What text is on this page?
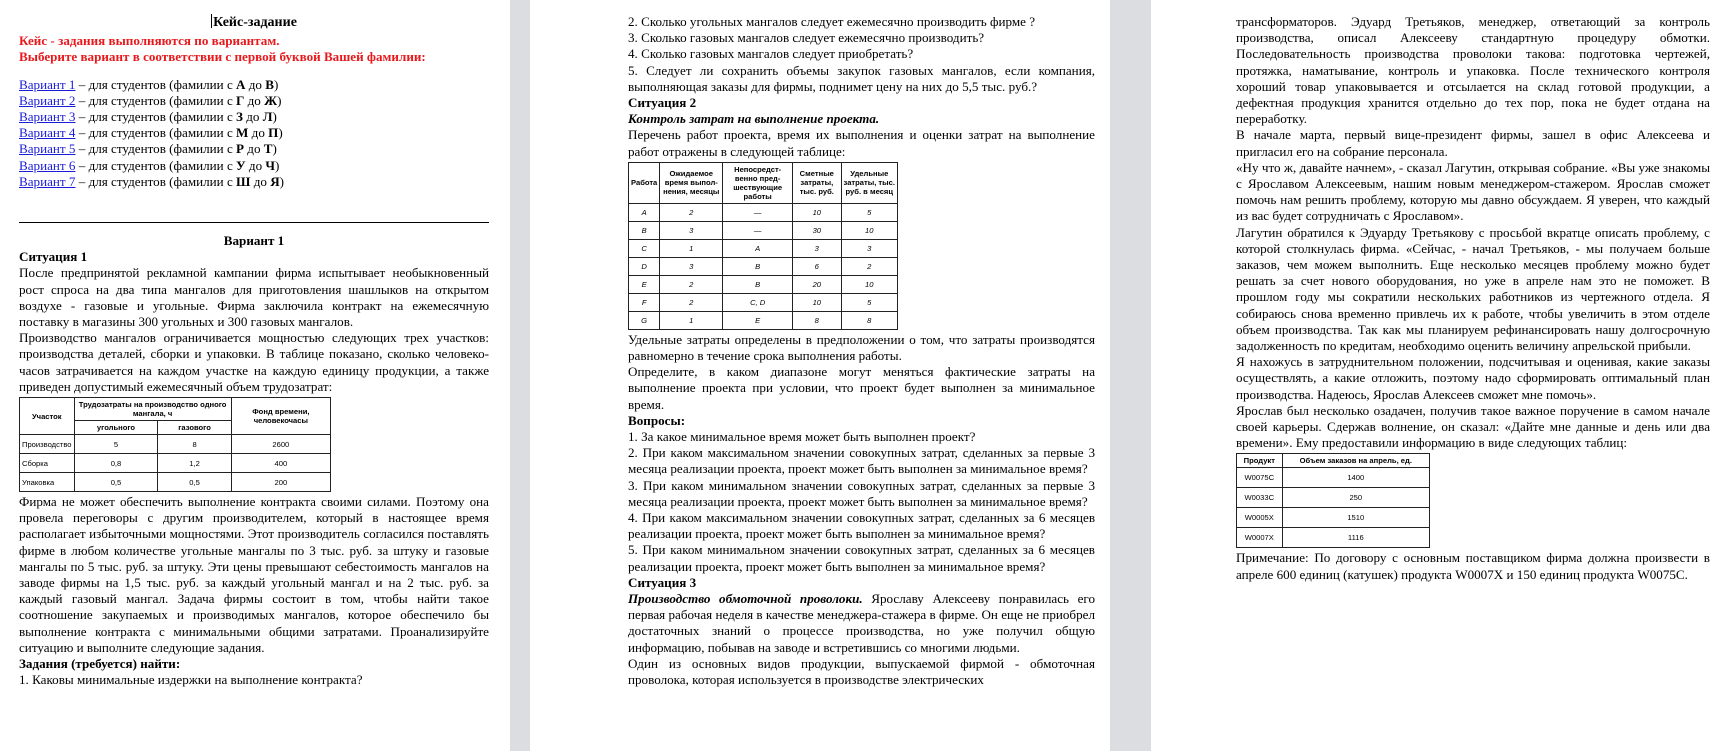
Кейс-задание

Кейс - задания выполняются по вариантам.

Выберите вариант в соответствии с первой буквой Вашей фамилии:

Вариант 1 – для студентов (фамилии с А до В)

Вариант 2 – для студентов (фамилии с Г до Ж)

Вариант 3 – для студентов (фамилии с З до Л)

Вариант 4 – для студентов (фамилии с М до П)

Вариант 5 – для студентов (фамилии с Р до Т)

Вариант 6 – для студентов (фамилии с У до Ч)

Вариант 7 – для студентов (фамилии с Ш до Я)

Вариант 1

Ситуация 1

После предпринятой рекламной кампании фирма испытывает необыкновенный рост спроса на два типа мангалов для приготовления шашлыков на открытом воздухе - газовые и угольные. Фирма заключила контракт на ежемесячную поставку в магазины 300 угольных и 300 газовых мангалов.

Производство мангалов ограничивается мощностью следующих трех участков: производства деталей, сборки и упаковки. В таблице показано, сколько человеко-часов затрачивается на каждом участке на каждую единицу продукции, а также приведен допустимый ежемесячный объем трудозатрат:

Участок	Трудозатраты на производство одного мангала, ч		Фонд времени, человекочасы
	угольного	газового	
Производство	5	8	2600
Сборка	0,8	1,2	400
Упаковка	0,5	0,5	200

Фирма не может обеспечить выполнение контракта своими силами. Поэтому она провела переговоры с другим производителем, который в настоящее время располагает избыточными мощностями. Этот производитель согласился поставлять фирме в любом количестве угольные мангалы по 3 тыс. руб. за штуку и газовые мангалы по 5 тыс. руб. за штуку. Эти цены превышают себестоимость мангалов на заводе фирмы на 1,5 тыс. руб. за каждый угольный мангал и на 2 тыс. руб. за каждый газовый мангал. Задача фирмы состоит в том, чтобы найти такое соотношение закупаемых и производимых мангалов, которое обеспечило бы выполнение контракта с минимальными общими затратами. Проанализируйте ситуацию и выполните следующие задания.

Задания (требуется) найти:

1. Каковы минимальные издержки на выполнение контракта?

2. Сколько угольных мангалов следует ежемесячно производить фирме ?

3. Сколько газовых мангалов следует ежемесячно производить?

4. Сколько газовых мангалов следует приобретать?

5. Следует ли сохранить объемы закупок газовых мангалов, если компания, выполняющая заказы для фирмы, поднимет цену на них до 5,5 тыс. руб.?

Ситуация 2

Контроль затрат на выполнение проекта.

Перечень работ проекта, время их выполнения и оценки затрат на выполнение работ отражены в следующей таблице:

Работа	Ожидаемое время выпол-нения, месяцы	Непосредст-венно пред-шествующие работы	Сметные затраты, тыс. руб.	Удельные затраты, тыс. руб. в месяц
A	2	—	10	5
B	3	—	30	10
C	1	A	3	3
D	3	B	6	2
E	2	B	20	10
F	2	C, D	10	5
G	1	E	8	8

Удельные затраты определены в предположении о том, что затраты производятся равномерно в течение срока выполнения работы.

Определите, в каком диапазоне могут меняться фактические затраты на выполнение проекта при условии, что проект будет выполнен за минимальное время.

Вопросы:

1. За какое минимальное время может быть выполнен проект?

2. При каком максимальном значении совокупных затрат, сделанных за первые 3 месяца реализации проекта, проект может быть выполнен за минимальное время?

3. При каком минимальном значении совокупных затрат, сделанных за первые 3 месяца реализации проекта, проект может быть выполнен за минимальное время?

4. При каком максимальном значении совокупных затрат, сделанных за 6 месяцев реализации проекта, проект может быть выполнен за минимальное время?

5. При каком минимальном значении совокупных затрат, сделанных за 6 месяцев реализации проекта, проект может быть выполнен за минимальное время?

Ситуация 3

Производство обмоточной проволоки. Ярославу Алексееву понравилась его первая рабочая неделя в качестве менеджера-стажера в фирме. Он еще не приобрел достаточных знаний о процессе производства, но уже получил общую информацию, побывав на заводе и встретившись со многими людьми.

Один из основных видов продукции, выпускаемой фирмой - обмоточная проволока, которая используется в производстве электрических

трансформаторов. Эдуард Третьяков, менеджер, ответающий за контроль производства, описал Алексееву стандартную процедуру обмотки. Последовательность производства проволоки такова: подготовка чертежей, протяжка, наматывание, контроль и упаковка. После технического контроля хороший товар упаковывается и отсылается на склад готовой продукции, а дефектная продукция хранится отдельно до тех пор, пока не будет отдана на переработку.

В начале марта, первый вице-президент фирмы, зашел в офис Алексеева и пригласил его на собрание персонала.

«Ну что ж, давайте начнем», - сказал Лагутин, открывая собрание. «Вы уже знакомы с Ярославом Алексеевым, нашим новым менеджером-стажером. Ярослав сможет помочь нам решить проблему, которую мы давно обсуждаем. Я уверен, что каждый из вас будет сотрудничать с Ярославом».

Лагутин обратился к Эдуарду Третьякову с просьбой вкратце описать проблему, с которой столкнулась фирма. «Сейчас, - начал Третьяков, - мы получаем больше заказов, чем можем выполнить. Еще несколько месяцев проблему можно будет решать за счет нового оборудования, но уже в апреле нам это не поможет. В прошлом году мы сократили нескольких работников из чертежного отдела. Я собираюсь снова временно привлечь их к работе, чтобы увеличить в этом отделе объем производства. Так как мы планируем рефинансировать нашу долгосрочную задолженность по кредитам, необходимо оценить величину апрельской прибыли.

Я нахожусь в затруднительном положении, подсчитывая и оценивая, какие заказы осуществлять, а какие отложить, поэтому надо сформировать оптимальный план производства. Надеюсь, Ярослав Алексеев сможет мне помочь».

Ярослав был несколько озадачен, получив такое важное поручение в самом начале своей карьеры. Сдержав волнение, он сказал: «Дайте мне данные и день или два времени». Ему предоставили информацию в виде следующих таблиц:

Продукт	Объем заказов на апрель, ед.
W0075C	1400
W0033C	250
W0005X	1510
W0007X	1116

Примечание: По договору с основным поставщиком фирма должна произвести в апреле 600 единиц (катушек) продукта W0007X и 150 единиц продукта W0075C.
